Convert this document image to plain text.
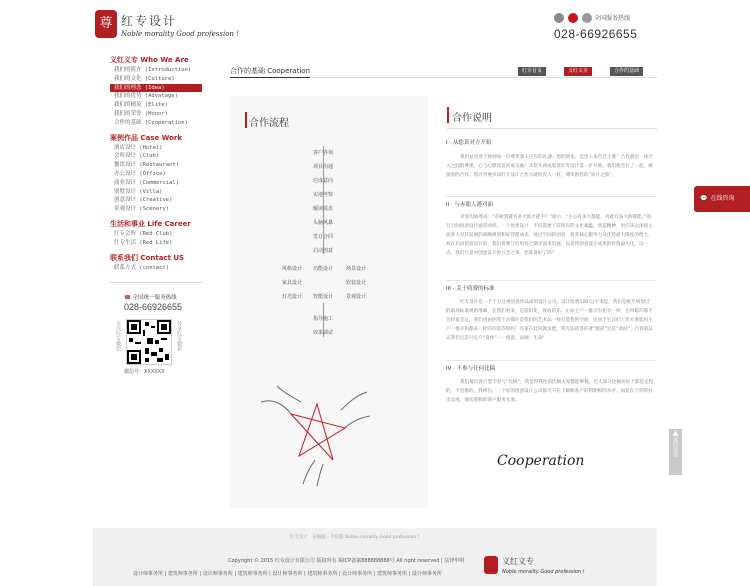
尊 红专设计
Noble morality Good profession !
全国服务热线
028-66926655
义红义专 Who We Are
我们的简介 (Introduction)
我们的文化 (Culture)
我们的理念 (Idea)
我们的优势 (Advatage)
我们的精英 (Elite)
我们的荣誉 (Honor)
合作的基础 (Cooperation)
案例作品 Case Work
酒店设计 (Hotel)
会所设计 (Club)
餐饮设计 (Restaurant)
办公设计 (Office)
商业设计 (Commercial)
别墅设计 (Villa)
创意设计 (Creative)
景观设计 (Scenery)
生活和事业 Life Career
红专会所 (Red Club)
红专生活 (Red Life)
联系我们 Contact US
联系方式 (contact)
☎ 全国统一服务热线
028-66926655
关注红专微信	分享红专精彩
微信号：XXXXXX
合作的基础 Cooperation	红专首页	义红义专	合作的基础
合作流程
客户咨询
项目沟通
达成意向
实地考察
解读需求
头脑风暴
签订合同
启动创意
风格设计 功能设计	场景设计
家具设计	软装设计
灯光设计 智能设计	景观设计
指导施工
效果调试
合作说明
I · 从您真对方开始
我们总是善于换掉每一位尊贵客人应有的礼遇，您的到来，是贵人来莅莅主雅！合作就是一体介入之间的尊重。心与心默契直的成交融！从您从两成您莫红专设计第一步开始，我们便会有了一起，被接客的合作。您应用便多知红专设计合作方就的贵人一样，尊荣供您的“富月之旅”。
II · 与赤聪人遇对面
对客沟通尊高：“草树到就有多大的才能手？”面后：“主公有多大都能，高就有多大的接能。”项目空间创意设计通常同样，一个优秀设计，不仅需要了其特有的文化素蕴，创造精神，更应该去体现主流客人对其发展的战略规划和好管理成式，通过空间的创意，将其核心服务力及优势最大限度的给大，故在启动创意设计前，我们将要与启用有合期见面来沟通，以获得创意设计成果的价值最大化，这一点，我们已是对创意设计的万全之策，您准备好了吗？
III · 关于收费的标准
红专设计是一个十分注重创意作品质的设计公司，设计收费120元/平米起，我们是维至规划过的最高标准规的准确，在我们看来，是前们化，收收的乐，正如主户一群羊有把羊一样，任何都许都不会轻易丢过，我们也由你我不舍都许是我们的艺术品一样打造我的空间，这同于它自们工作方准能和主户一群羊和都来一样的价值等和吗！答案在此说教清楚，我无法读答你著“服前”还是“高结”，自我就证证我们完是只定户“身体”一一创意，品牌，生命！
IV · 不参与任何比稿
我们最后客户您不参与“比稿”，我觉得我性的比稿大家都能够数，但大部分比稿实际上都是走程的，不会服的。我相信，一个好的创意设计公司都可不在于做和客户的利期相的水平，而是在于你的付出态度，他切我和的客户服务水准。
Cooperation
💬 在线咨询
▲
返回顶部
红专设计 · 在线服 · 手机版 Noble morality Good profession !
Copyright © 2015 红专设计有限公司 版权所有 蜀ICP备案888888888号 All right reserved | 法律申明
设计师事务所 | 建筑师事务所 | 设计师事务所 | 建筑师事务所 | 设计师事务所 | 建筑师事务所 | 设计师事务所 | 建筑师事务所 | 设计师事务所
义红义专
Noble morality Good profession !
